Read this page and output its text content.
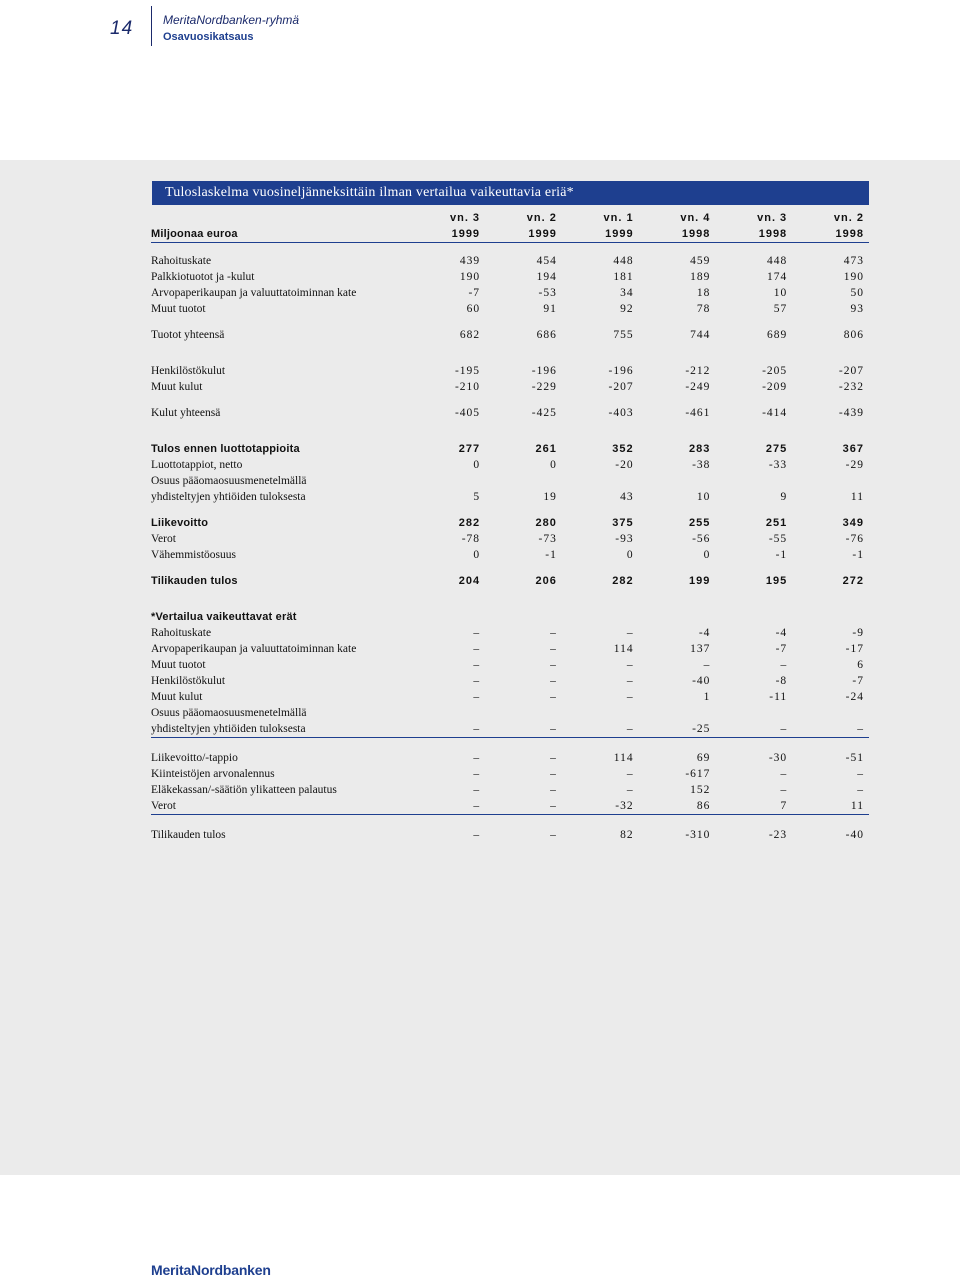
14 MeritaNordbanken-ryhmä
Osavuosikatsaus
Tuloslaskelma vuosineljänneksittäin ilman vertailua vaikeuttavia eriä*
	vn. 3	vn. 2	vn. 1	vn. 4	vn. 3	vn. 2
Miljoonaa euroa	1999	1999	1999	1998	1998	1998

Rahoituskate	439	454	448	459	448	473
Palkkiotuotot ja -kulut	190	194	181	189	174	190
Arvopaperikaupan ja valuuttatoiminnan kate	-7	-53	34	18	10	50
Muut tuotot	60	91	92	78	57	93

Tuotot yhteensä	682	686	755	744	689	806

Henkilöstökulut	-195	-196	-196	-212	-205	-207
Muut kulut	-210	-229	-207	-249	-209	-232

Kulut yhteensä	-405	-425	-403	-461	-414	-439

Tulos ennen luottotappioita	277	261	352	283	275	367
Luottotappiot, netto	0	0	-20	-38	-33	-29
Osuus pääomaosuusmenetelmällä						
yhdisteltyjen yhtiöiden tuloksesta	5	19	43	10	9	11

Liikevoitto	282	280	375	255	251	349
Verot	-78	-73	-93	-56	-55	-76
Vähemmistöosuus	0	-1	0	0	-1	-1

Tilikauden tulos	204	206	282	199	195	272

*Vertailua vaikeuttavat erät						
Rahoituskate	–	–	–	-4	-4	-9
Arvopaperikaupan ja valuuttatoiminnan kate	–	–	114	137	-7	-17
Muut tuotot	–	–	–	–	–	6
Henkilöstökulut	–	–	–	-40	-8	-7
Muut kulut	–	–	–	1	-11	-24
Osuus pääomaosuusmenetelmällä						
yhdisteltyjen yhtiöiden tuloksesta	–	–	–	-25	–	–

Liikevoitto/-tappio	–	–	114	69	-30	-51
Kiinteistöjen arvonalennus	–	–	–	-617	–	–
Eläkekassan/-säätiön ylikatteen palautus	–	–	–	152	–	–
Verot	–	–	-32	86	7	11

Tilikauden tulos	–	–	82	-310	-23	-40
MeritaNordbanken
